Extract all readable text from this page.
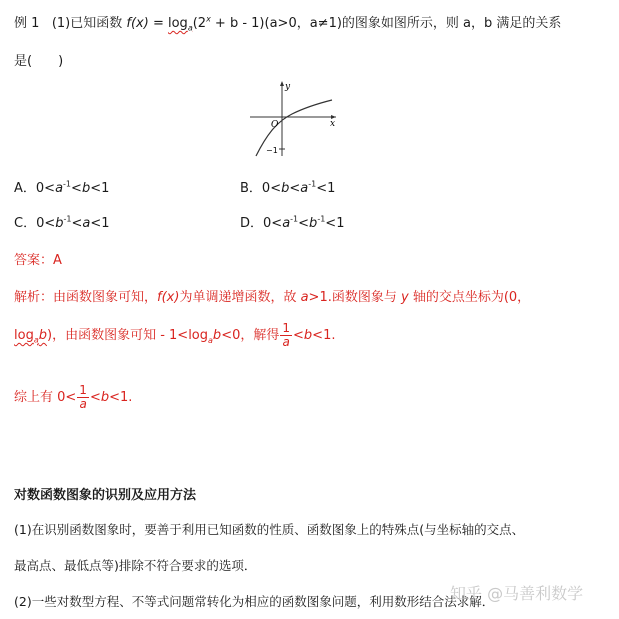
例 1 (1)已知函数 $f(x) = \log_a(2^x + b - 1)(a>0$，a≠1)的图象如图所示，则 a，b 满足的关系
是(　　)
y
x
O
−1
A．$0<a^{-1}<b<1$	B．$0<b<a^{-1}<1$
C．$0<b^{-1}<a<1$	D．$0<a^{-1}<b^{-1}<1$
答案：A
解析：由函数图象可知，f(x)为单调递增函数，故 a>1.函数图象与 y 轴的交点坐标为(0，
$\log_ab$)，由函数图象可知 - $1<\log_ab<0$，解得 $\frac{1}{a} <b<1$.
综上有 $0< \frac{1}{a} <b<1$.
对数函数图象的识别及应用方法
(1)在识别函数图象时，要善于利用已知函数的性质、函数图象上的特殊点(与坐标轴的交点、
最高点、最低点等)排除不符合要求的选项．
(2)一些对数型方程、不等式问题常转化为相应的函数图象问题，利用数形结合法求解．
知乎 @马善利数学
